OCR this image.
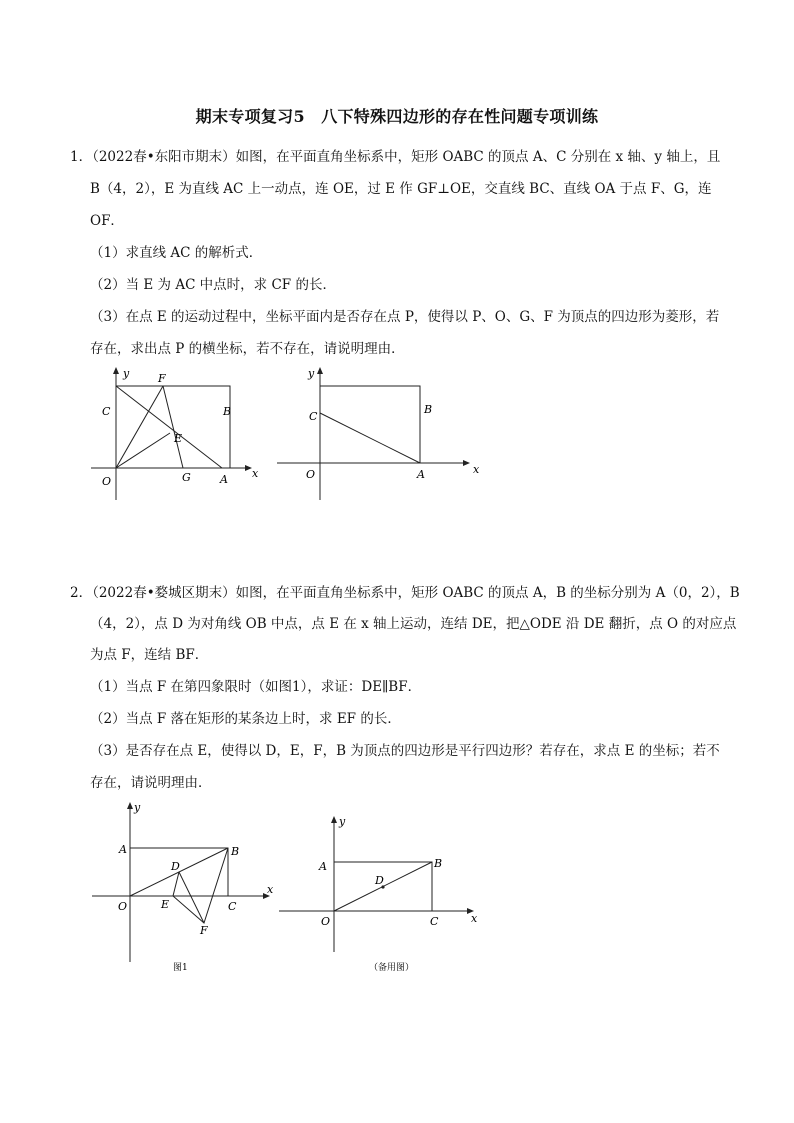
期末专项复习5　八下特殊四边形的存在性问题专项训练
1．（2022春•东阳市期末）如图，在平面直角坐标系中，矩形 OABC 的顶点 A、C 分别在 x 轴、y 轴上，且
B（4，2），E 为直线 AC 上一动点，连 OE，过 E 作 GF⊥OE，交直线 BC、直线 OA 于点 F、G，连
OF．
（1）求直线 AC 的解析式．
（2）当 E 为 AC 中点时，求 CF 的长．
（3）在点 E 的运动过程中，坐标平面内是否存在点 P，使得以 P、O、G、F 为顶点的四边形为菱形，若
存在，求出点 P 的横坐标，若不存在，请说明理由．
y
x
C
F
B
E
O	G	A
y
x
C
B
O	A
2．（2022春•婺城区期末）如图，在平面直角坐标系中，矩形 OABC 的顶点 A，B 的坐标分别为 A（0，2），B
（4，2），点 D 为对角线 OB 中点，点 E 在 x 轴上运动，连结 DE，把△ODE 沿 DE 翻折，点 O 的对应点
为点 F，连结 BF．
（1）当点 F 在第四象限时（如图1），求证：DE∥BF．
（2）当点 F 落在矩形的某条边上时，求 EF 的长．
（3）是否存在点 E，使得以 D，E，F，B 为顶点的四边形是平行四边形？若存在，求点 E 的坐标；若不
存在，请说明理由．
y
x
A	B
D
O	E	C
F
图1
y
x
A	B
D
O	C
（备用图）
